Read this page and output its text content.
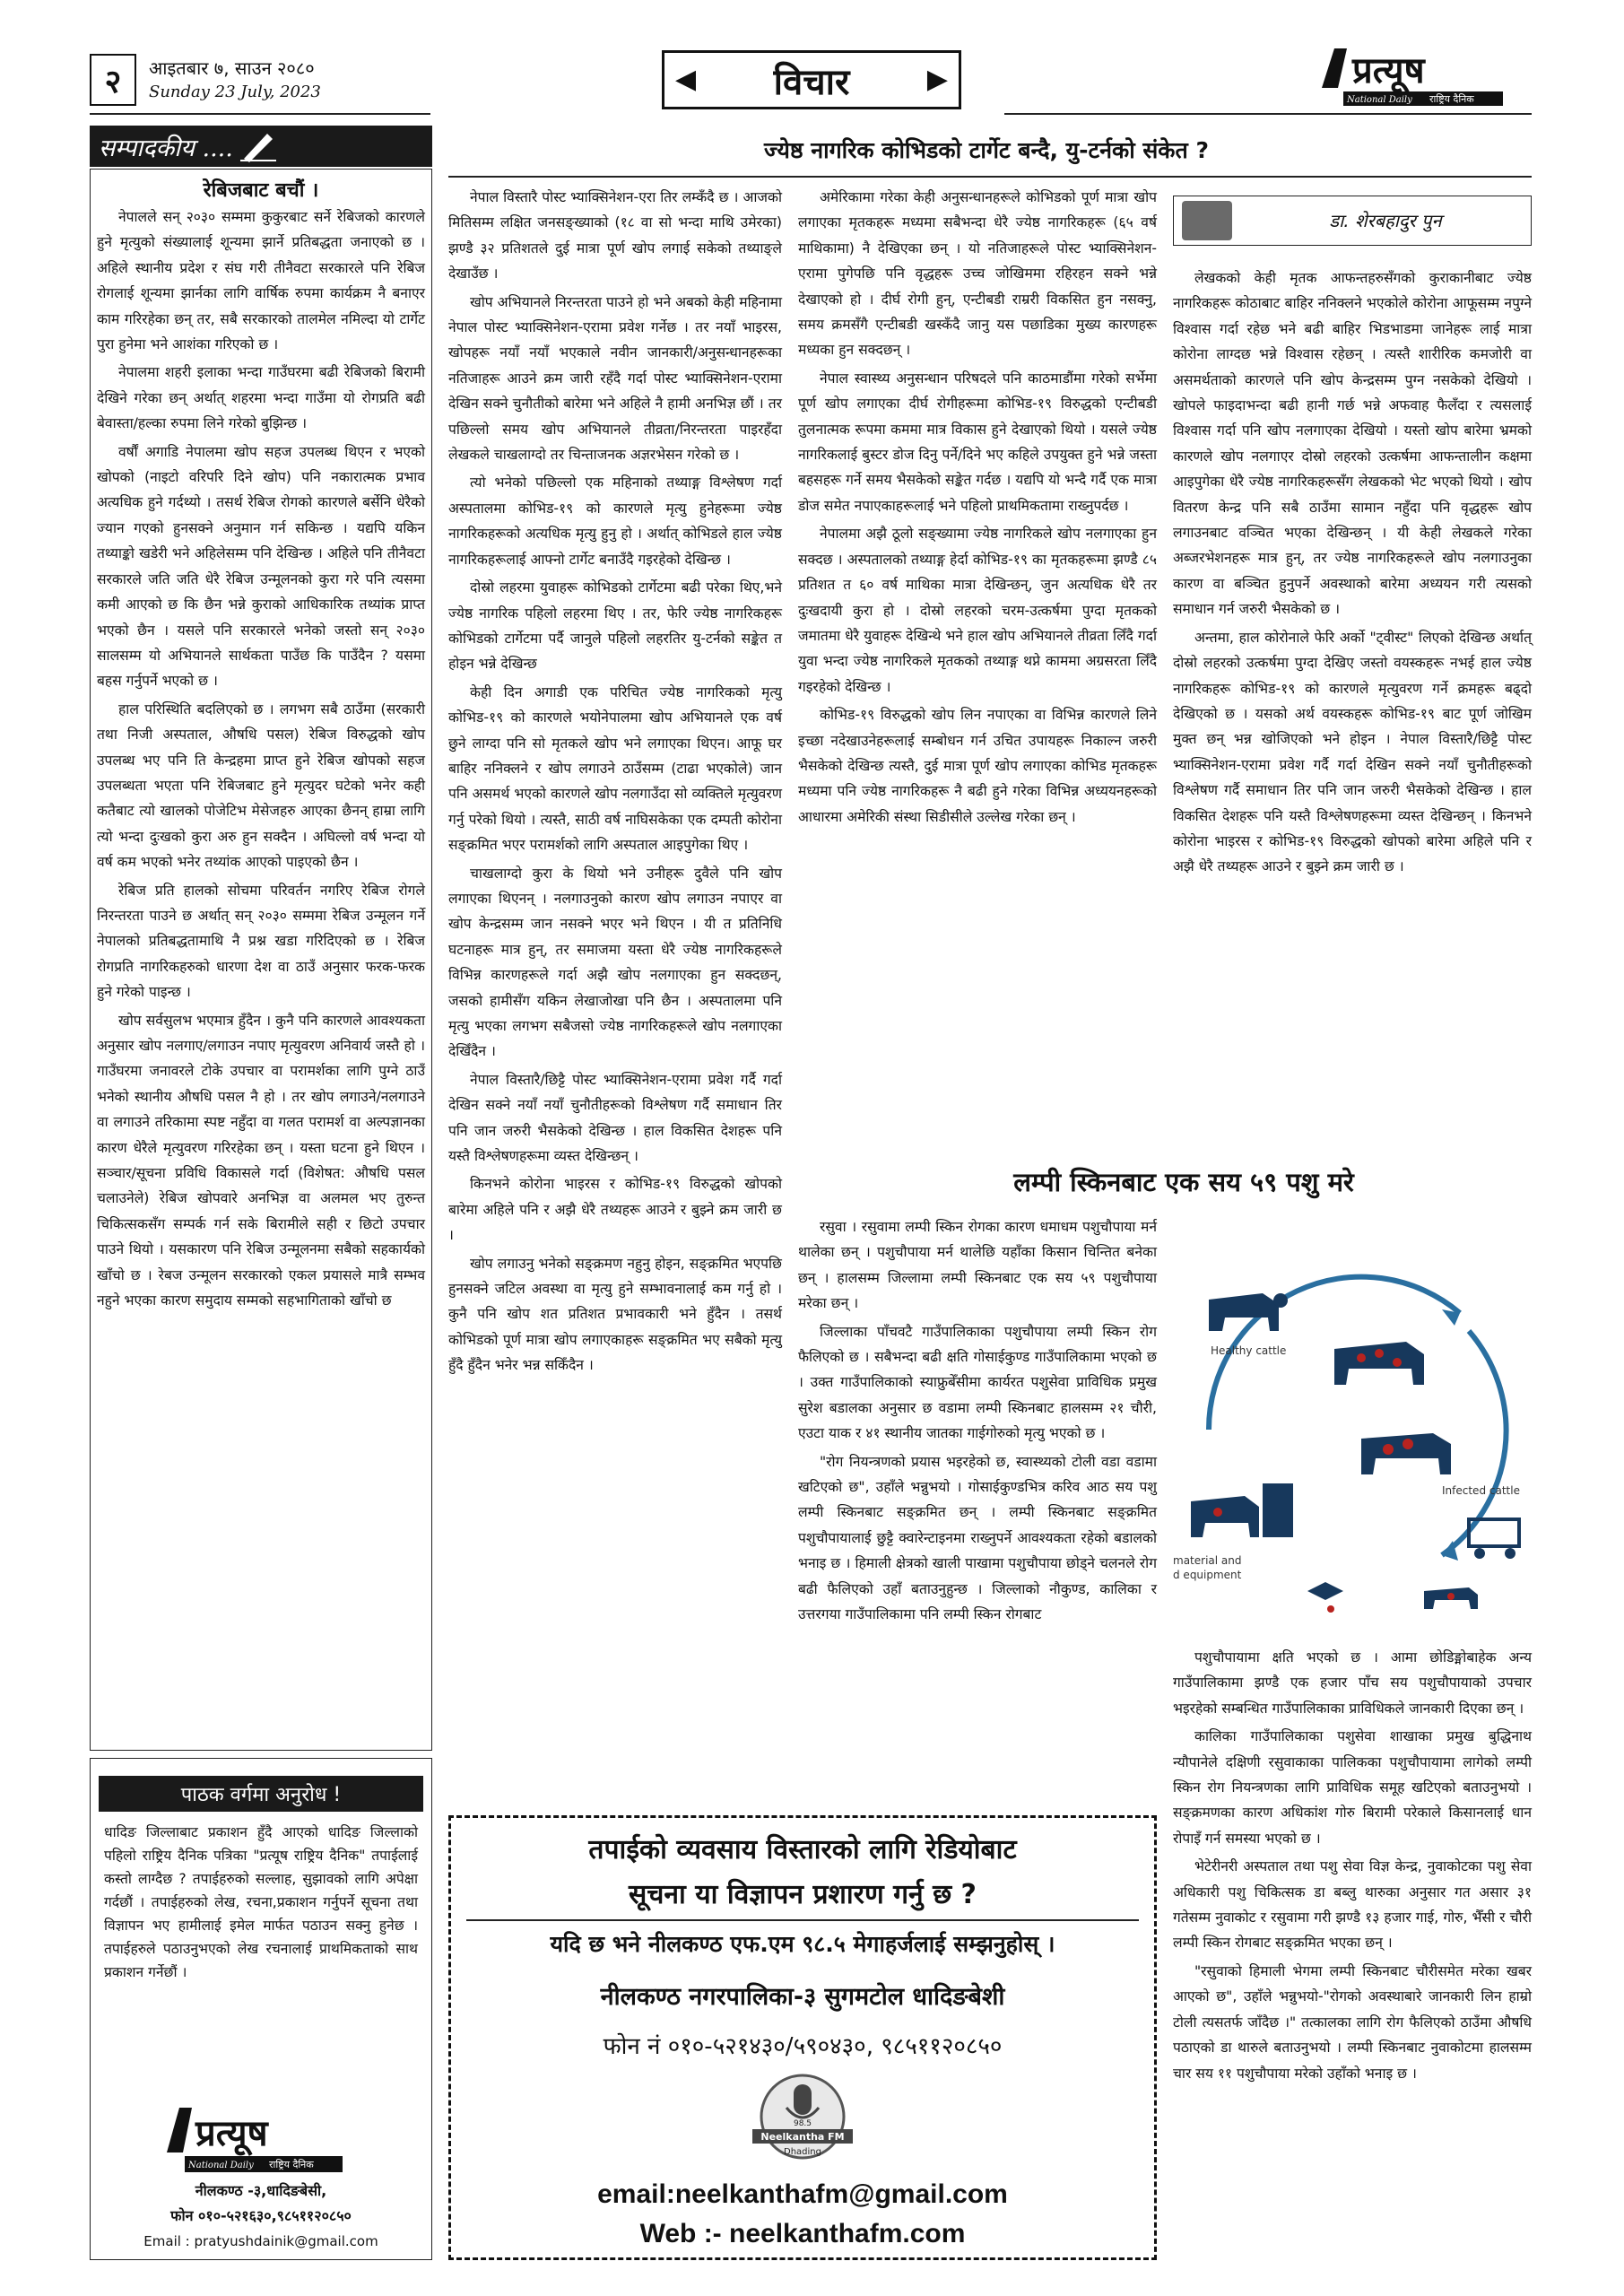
२	आइतबार ७, साउन २०८०
Sunday 23 July, 2023	◀ विचार	▶	प्रत्यूष
National Daily राष्ट्रिय दैनिक
सम्पादकीय ....
रेबिजबाट बचौं ।

नेपालले सन् २०३० सम्ममा कुकुरबाट सर्ने रेबिजको कारणले हुने मृत्युको संख्यालाई शून्यमा झार्ने प्रतिबद्धता जनाएको छ । अहिले स्थानीय प्रदेश र संघ गरी तीनैवटा सरकारले पनि रेबिज रोगलाई शून्यमा झार्नका लागि वार्षिक रुपमा कार्यक्रम नै बनाएर काम गरिरहेका छन् तर, सबै सरकारको तालमेल नमिल्दा यो टार्गेट पुरा हुनेमा भने आशंका गरिएको छ ।

नेपालमा शहरी इलाका भन्दा गाउँघरमा बढी रेबिजको बिरामी देखिने गरेका छन् अर्थात् शहरमा भन्दा गाउँमा यो रोगप्रति बढी बेवास्ता/हल्का रुपमा लिने गरेको बुझिन्छ ।

वर्षौं अगाडि नेपालमा खोप सहज उपलब्ध थिएन र भएको खोपको (नाइटो वरिपरि दिने खोप) पनि नकारात्मक प्रभाव अत्यधिक हुने गर्दथ्यो । तसर्थ रेबिज रोगको कारणले बर्सेनि धेरैको ज्यान गएको हुनसक्ने अनुमान गर्न सकिन्छ । यद्यपि यकिन तथ्याङ्को खडेरी भने अहिलेसम्म पनि देखिन्छ । अहिले पनि तीनैवटा सरकारले जति जति धेरै रेबिज उन्मूलनको कुरा गरे पनि त्यसमा कमी आएको छ कि छैन भन्ने कुराको आधिकारिक तथ्यांक प्राप्त भएको छैन । यसले पनि सरकारले भनेको जस्तो सन् २०३० सालसम्म यो अभियानले सार्थकता पाउँछ कि पाउँदैन ? यसमा बहस गर्नुपर्ने भएको छ ।

हाल परिस्थिति बदलिएको छ । लगभग सबै ठाउँमा (सरकारी तथा निजी अस्पताल, औषधि पसल) रेबिज विरुद्धको खोप उपलब्ध भए पनि ति केन्द्रहमा प्राप्त हुने रेबिज खोपको सहज उपलब्धता भएता पनि रेबिजबाट हुने मृत्युदर घटेको भनेर कही कतैबाट त्यो खालको पोजेटिभ मेसेजहरु आएका छैनन् हाम्रा लागि त्यो भन्दा दुःखको कुरा अरु हुन सक्दैन । अघिल्लो वर्ष भन्दा यो वर्ष कम भएको भनेर तथ्यांक आएको पाइएको छैन ।

रेबिज प्रति हालको सोचमा परिवर्तन नगरिए रेबिज रोगले निरन्तरता पाउने छ अर्थात् सन् २०३० सम्ममा रेबिज उन्मूलन गर्ने नेपालको प्रतिबद्धतामाथि नै प्रश्न खडा गरिदिएको छ । रेबिज रोगप्रति नागरिकहरुको धारणा देश वा ठाउँ अनुसार फरक-फरक हुने गरेको पाइन्छ ।

खोप सर्वसुलभ भएमात्र हुँदैन । कुनै पनि कारणले आवश्यकता अनुसार खोप नलगाए/लगाउन नपाए मृत्युवरण अनिवार्य जस्तै हो । गाउँघरमा जनावरले टोके उपचार वा परामर्शका लागि पुग्ने ठाउँ भनेको स्थानीय औषधि पसल नै हो । तर खोप लगाउने/नलगाउने वा लगाउने तरिकामा स्पष्ट नहुँदा वा गलत परामर्श वा अल्पज्ञानका कारण धेरैले मृत्युवरण गरिरहेका छन् । यस्ता घटना हुने थिएन । सञ्चार/सूचना प्रविधि विकासले गर्दा (विशेषत: औषधि पसल चलाउनेले) रेबिज खोपवारे अनभिज्ञ वा अलमल भए तुरुन्त चिकित्सकसँग सम्पर्क गर्न सके बिरामीले सही र छिटो उपचार पाउने थियो । यसकारण पनि रेबिज उन्मूलनमा सबैको सहकार्यको खाँचो छ । रेबज उन्मूलन सरकारको एकल प्रयासले मात्रै सम्भव नहुने भएका कारण समुदाय सम्मको सहभागिताको खाँचो छ

पाठक वर्गमा अनुरोध !
धादिङ जिल्लाबाट प्रकाशन हुँदै आएको धादिङ जिल्लाको पहिलो राष्ट्रिय दैनिक पत्रिका "प्रत्यूष राष्ट्रिय दैनिक" तपाईलाई कस्तो लाग्दैछ ? तपाईहरुको सल्लाह, सुझावको लागि अपेक्षा गर्दछौं । तपाईहरुको लेख, रचना,प्रकाशन गर्नुपर्ने सूचना तथा विज्ञापन भए हामीलाई इमेल मार्फत पठाउन सक्नु हुनेछ । तपाईहरुले पठाउनुभएको लेख रचनालाई प्राथमिकताको साथ प्रकाशन गर्नेछौं ।
प्रत्यूष
National Daily राष्ट्रिय दैनिक
नीलकण्ठ -३,धादिङबेसी,
फोन ०१०-५२१६३०,९८५११२०८५०
Email : pratyushdainik@gmail.com
ज्येष्ठ नागरिक कोभिडको टार्गेट बन्दै, यु-टर्नको संकेत ?

नेपाल विस्तारै पोस्ट भ्याक्सिनेशन-एरा तिर लम्कँदै छ । आजको मितिसम्म लक्षित जनसङ्ख्याको (१८ वा सो भन्दा माथि उमेरका) झण्डै ३२ प्रतिशतले दुई मात्रा पूर्ण खोप लगाई सकेको तथ्याङ्ले देखाउँछ ।

खोप अभियानले निरन्तरता पाउने हो भने अबको केही महिनामा नेपाल पोस्ट भ्याक्सिनेशन-एरामा प्रवेश गर्नेछ । तर नयाँ भाइरस, खोपहरू नयाँ नयाँ भएकाले नवीन जानकारी/अनुसन्धानहरूका नतिजाहरू आउने क्रम जारी रहँदै गर्दा पोस्ट भ्याक्सिनेशन-एरामा देखिन सक्ने चुनौतीको बारेमा भने अहिले नै हामी अनभिज्ञ छौं । तर पछिल्लो समय खोप अभियानले तीव्रता/निरन्तरता पाइरहँदा लेखकले चाखलाग्दो तर चिन्ताजनक अज्ञरभेसन गरेको छ ।

त्यो भनेको पछिल्लो एक महिनाको तथ्याङ्ग विश्लेषण गर्दा अस्पतालमा कोभिड-१९ को कारणले मृत्यु हुनेहरूमा ज्येष्ठ नागरिकहरूको अत्यधिक मृत्यु हुनु हो । अर्थात् कोभिडले हाल ज्येष्ठ नागरिकहरूलाई आफ्नो टार्गेट बनाउँदै गइरहेको देखिन्छ ।

दोस्रो लहरमा युवाहरू कोभिडको टार्गेटमा बढी परेका थिए,भने ज्येष्ठ नागरिक पहिलो लहरमा थिए । तर, फेरि ज्येष्ठ नागरिकहरू कोभिडको टार्गेटमा पर्दै जानुले पहिलो लहरतिर यु-टर्नको सङ्केत त होइन भन्ने देखिन्छ

केही दिन अगाडी एक परिचित ज्येष्ठ नागरिकको मृत्यु कोभिड-१९ को कारणले भयोनेपालमा खोप अभियानले एक वर्ष छुने लाग्दा पनि सो मृतकले खोप भने लगाएका थिएन। आफू घर बाहिर ननिक्लने र खोप लगाउने ठाउँसम्म (टाढा भएकोले) जान पनि असमर्थ भएको कारणले खोप नलगाउँदा सो व्यक्तिले मृत्युवरण गर्नु परेको थियो । त्यस्तै, साठी वर्ष नाघिसकेका एक दम्पती कोरोना सङ्क्रमित भएर परामर्शको लागि अस्पताल आइपुगेका थिए ।

चाखलाग्दो कुरा के थियो भने उनीहरू दुवैले पनि खोप लगाएका थिएनन् । नलगाउनुको कारण खोप लगाउन नपाएर वा खोप केन्द्रसम्म जान नसक्ने भएर भने थिएन । यी त प्रतिनिधि घटनाहरू मात्र हुन्, तर समाजमा यस्ता धेरै ज्येष्ठ नागरिकहरूले विभिन्न कारणहरूले गर्दा अझै खोप नलगाएका हुन सक्दछन्, जसको हामीसँग यकिन लेखाजोखा पनि छैन । अस्पतालमा पनि मृत्यु भएका लगभग सबैजसो ज्येष्ठ नागरिकहरूले खोप नलगाएका देखिँदैन ।

नेपाल विस्तारै/छिट्टै पोस्ट भ्याक्सिनेशन-एरामा प्रवेश गर्दै गर्दा देखिन सक्ने नयाँ नयाँ चुनौतीहरूको विश्लेषण गर्दै समाधान तिर पनि जान जरुरी भैसकेको देखिन्छ । हाल विकसित देशहरू पनि यस्तै विश्लेषणहरूमा व्यस्त देखिन्छन् ।

किनभने कोरोना भाइरस र कोभिड-१९ विरुद्धको खोपको बारेमा अहिले पनि र अझै धेरै तथ्यहरू आउने र बुझ्ने क्रम जारी छ ।

खोप लगाउनु भनेको सङ्क्रमण नहुनु होइन, सङ्क्रमित भएपछि हुनसक्ने जटिल अवस्था वा मृत्यु हुने सम्भावनालाई कम गर्नु हो । कुनै पनि खोप शत प्रतिशत प्रभावकारी भने हुँदैन । तसर्थ कोभिडको पूर्ण मात्रा खोप लगाएकाहरू सङ्क्रमित भए सबैको मृत्यु हुँदै हुँदैन भनेर भन्न सकिँदैन ।

अमेरिकामा गरेका केही अनुसन्धानहरूले कोभिडको पूर्ण मात्रा खोप लगाएका मृतकहरू मध्यमा सबैभन्दा धेरै ज्येष्ठ नागरिकहरू (६५ वर्ष माथिकामा) नै देखिएका छन् । यो नतिजाहरूले पोस्ट भ्याक्सिनेशन-एरामा पुगेपछि पनि वृद्धहरू उच्च जोखिममा रहिरहन सक्ने भन्ने देखाएको हो । दीर्घ रोगी हुन्, एन्टीबडी राम्ररी विकसित हुन नसक्नु, समय क्रमसँगै एन्टीबडी खस्कँदै जानु यस पछाडिका मुख्य कारणहरू मध्यका हुन सक्दछन् ।

नेपाल स्वास्थ्य अनुसन्धान परिषदले पनि काठमाडौंमा गरेको सर्भेमा पूर्ण खोप लगाएका दीर्घ रोगीहरूमा कोभिड-१९ विरुद्धको एन्टीबडी तुलनात्मक रूपमा कममा मात्र विकास हुने देखाएको थियो । यसले ज्येष्ठ नागरिकलाई बुस्टर डोज दिनु पर्ने/दिने भए कहिले उपयुक्त हुने भन्ने जस्ता बहसहरू गर्ने समय भैसकेको सङ्केत गर्दछ । यद्यपि यो भन्दै गर्दै एक मात्रा डोज समेत नपाएकाहरूलाई भने पहिलो प्राथमिकतामा राख्नुपर्दछ ।

नेपालमा अझै ठूलो सङ्ख्यामा ज्येष्ठ नागरिकले खोप नलगाएका हुन सक्दछ । अस्पतालको तथ्याङ्ग हेर्दा कोभिड-१९ का मृतकहरूमा झण्डै ८५ प्रतिशत त ६० वर्ष माथिका मात्रा देखिन्छन्, जुन अत्यधिक धेरै तर दुःखदायी कुरा हो । दोस्रो लहरको चरम-उत्कर्षमा पुग्दा मृतकको जमातमा धेरै युवाहरू देखिन्थे भने हाल खोप अभियानले तीव्रता लिँदै गर्दा युवा भन्दा ज्येष्ठ नागरिकले मृतकको तथ्याङ्ग थप्ने काममा अग्रसरता लिँदै गइरहेको देखिन्छ ।

कोभिड-१९ विरुद्धको खोप लिन नपाएका वा विभिन्न कारणले लिने इच्छा नदेखाउनेहरूलाई सम्बोधन गर्न उचित उपायहरू निकाल्न जरुरी भैसकेको देखिन्छ त्यस्तै, दुई मात्रा पूर्ण खोप लगाएका कोभिड मृतकहरू मध्यमा पनि ज्येष्ठ नागरिकहरू नै बढी हुने गरेका विभिन्न अध्ययनहरूको आधारमा अमेरिकी संस्था सिडीसीले उल्लेख गरेका छन् ।

डा. शेरबहादुर पुन

लेखकको केही मृतक आफन्तहरुसँगको कुराकानीबाट ज्येष्ठ नागरिकहरू कोठाबाट बाहिर ननिक्लने भएकोले कोरोना आफूसम्म नपुग्ने विश्वास गर्दा रहेछ भने बढी बाहिर भिडभाडमा जानेहरू लाई मात्रा कोरोना लाग्दछ भन्ने विश्वास रहेछन् । त्यस्तै शारीरिक कमजोरी वा असमर्थताको कारणले पनि खोप केन्द्रसम्म पुग्न नसकेको देखियो । खोपले फाइदाभन्दा बढी हानी गर्छ भन्ने अफवाह फैलँदा र त्यसलाई विश्वास गर्दा पनि खोप नलगाएका देखियो । यस्तो खोप बारेमा भ्रमको कारणले खोप नलगाएर दोस्रो लहरको उत्कर्षमा आफन्तालीन कक्षमा आइपुगेका धेरै ज्येष्ठ नागरिकहरूसँग लेखकको भेट भएको थियो । खोप वितरण केन्द्र पनि सबै ठाउँमा सामान नहुँदा पनि वृद्धहरू खोप लगाउनबाट वञ्चित भएका देखिन्छन् । यी केही लेखकले गरेका अब्जरभेशनहरू मात्र हुन्, तर ज्येष्ठ नागरिकहरूले खोप नलगाउनुका कारण वा बञ्चित हुनुपर्ने अवस्थाको बारेमा अध्ययन गरी त्यसको समाधान गर्न जरुरी भैसकेको छ ।

अन्तमा, हाल कोरोनाले फेरि अर्को "ट्वीस्ट" लिएको देखिन्छ अर्थात् दोस्रो लहरको उत्कर्षमा पुग्दा देखिए जस्तो वयस्कहरू नभई हाल ज्येष्ठ नागरिकहरू कोभिड-१९ को कारणले मृत्युवरण गर्ने क्रमहरू बढ्दो देखिएको छ । यसको अर्थ वयस्कहरू कोभिड-१९ बाट पूर्ण जोखिम मुक्त छन् भन्न खोजिएको भने होइन । नेपाल विस्तारै/छिट्टै पोस्ट भ्याक्सिनेशन-एरामा प्रवेश गर्दै गर्दा देखिन सक्ने नयाँ चुनौतीहरूको विश्लेषण गर्दै समाधान तिर पनि जान जरुरी भैसकेको देखिन्छ । हाल विकसित देशहरू पनि यस्तै विश्लेषणहरूमा व्यस्त देखिन्छन् । किनभने कोरोना भाइरस र कोभिड-१९ विरुद्धको खोपको बारेमा अहिले पनि र अझै धेरै तथ्यहरू आउने र बुझ्ने क्रम जारी छ ।

लम्पी स्किनबाट एक सय ५९ पशु मरे

रसुवा । रसुवामा लम्पी स्किन रोगका कारण धमाधम पशुचौपाया मर्न थालेका छन् । पशुचौपाया मर्न थालेछि यहाँका किसान चिन्तित बनेका छन् । हालसम्म जिल्लामा लम्पी स्किनबाट एक सय ५९ पशुचौपाया मरेका छन् ।

जिल्लाका पाँचवटै गाउँपालिकाका पशुचौपाया लम्पी स्किन रोग फैलिएको छ । सबैभन्दा बढी क्षति गोसाईकुण्ड गाउँपालिकामा भएको छ । उक्त गाउँपालिकाको स्याफ्रुबेँसीमा कार्यरत पशुसेवा प्राविधिक प्रमुख सुरेश बडालका अनुसार छ वडामा लम्पी स्किनबाट हालसम्म २१ चौरी, एउटा याक र ४१ स्थानीय जातका गाईगोरुको मृत्यु भएको छ ।

"रोग नियन्त्रणको प्रयास भइरहेको छ, स्वास्थ्यको टोली वडा वडामा खटिएको छ", उहाँले भन्नुभयो । गोसाईकुण्डभित्र करिव आठ सय पशु लम्पी स्किनबाट सङ्क्रमित छन् । लम्पी स्किनबाट सङ्क्रमित पशुचौपायालाई छुट्टै क्वारेन्टाइनमा राख्नुपर्ने आवश्यकता रहेको बडालको भनाइ छ । हिमाली क्षेत्रको खाली पाखामा पशुचौपाया छोड्ने चलनले रोग बढी फैलिएको उहाँ बताउनुहुन्छ । जिल्लाको नौकुण्ड, कालिका र उत्तरगया गाउँपालिकामा पनि लम्पी स्किन रोगबाट

Healthy cattle
Infected cattle
material and
d equipment

पशुचौपायामा क्षति भएको छ । आमा छोडिङ्मोबाहेक अन्य गाउँपालिकामा झण्डै एक हजार पाँच सय पशुचौपायाको उपचार भइरहेको सम्बन्धित गाउँपालिकाका प्राविधिकले जानकारी दिएका छन् ।

कालिका गाउँपालिकाका पशुसेवा शाखाका प्रमुख बुद्धिनाथ न्यौपानेले दक्षिणी रसुवाकाका पालिकका पशुचौपायामा लागेको लम्पी स्किन रोग नियन्त्रणका लागि प्राविधिक समूह खटिएको बताउनुभयो । सङ्क्रमणका कारण अधिकांश गोरु बिरामी परेकाले किसानलाई धान रोपाइँ गर्न समस्या भएको छ ।

भेटेरीनरी अस्पताल तथा पशु सेवा विज्ञ केन्द्र, नुवाकोटका पशु सेवा अधिकारी पशु चिकित्सक डा बब्लु थारुका अनुसार गत असार ३१ गतेसम्म नुवाकोट र रसुवामा गरी झण्डै १३ हजार गाई, गोरु, भैँसी र चौरी लम्पी स्किन रोगबाट सङ्क्रमित भएका छन् ।

"रसुवाको हिमाली भेगमा लम्पी स्किनबाट चौरीसमेत मरेका खबर आएको छ", उहाँले भन्नुभयो-"रोगको अवस्थाबारे जानकारी लिन हाम्रो टोली त्यसतर्फ जाँदैछ ।" तत्कालका लागि रोग फैलिएको ठाउँमा औषधि पठाएको डा थारुले बताउनुभयो । लम्पी स्किनबाट नुवाकोटमा हालसम्म चार सय ११ पशुचौपाया मरेको उहाँको भनाइ छ ।

तपाईको व्यवसाय विस्तारको लागि रेडियोबाट
सूचना या विज्ञापन प्रशारण गर्नु छ ?
यदि छ भने नीलकण्ठ एफ.एम ९८.५ मेगाहर्जलाई सम्झनुहोस् ।
नीलकण्ठ नगरपालिका-३ सुगमटोल धादिङबेशी
फोन नं ०१०-५२१४३०/५९०४३०, ९८५११२०८५०
98.5
Neelkantha FM
Dhading
email:neelkanthafm@gmail.com
Web :- neelkanthafm.com
